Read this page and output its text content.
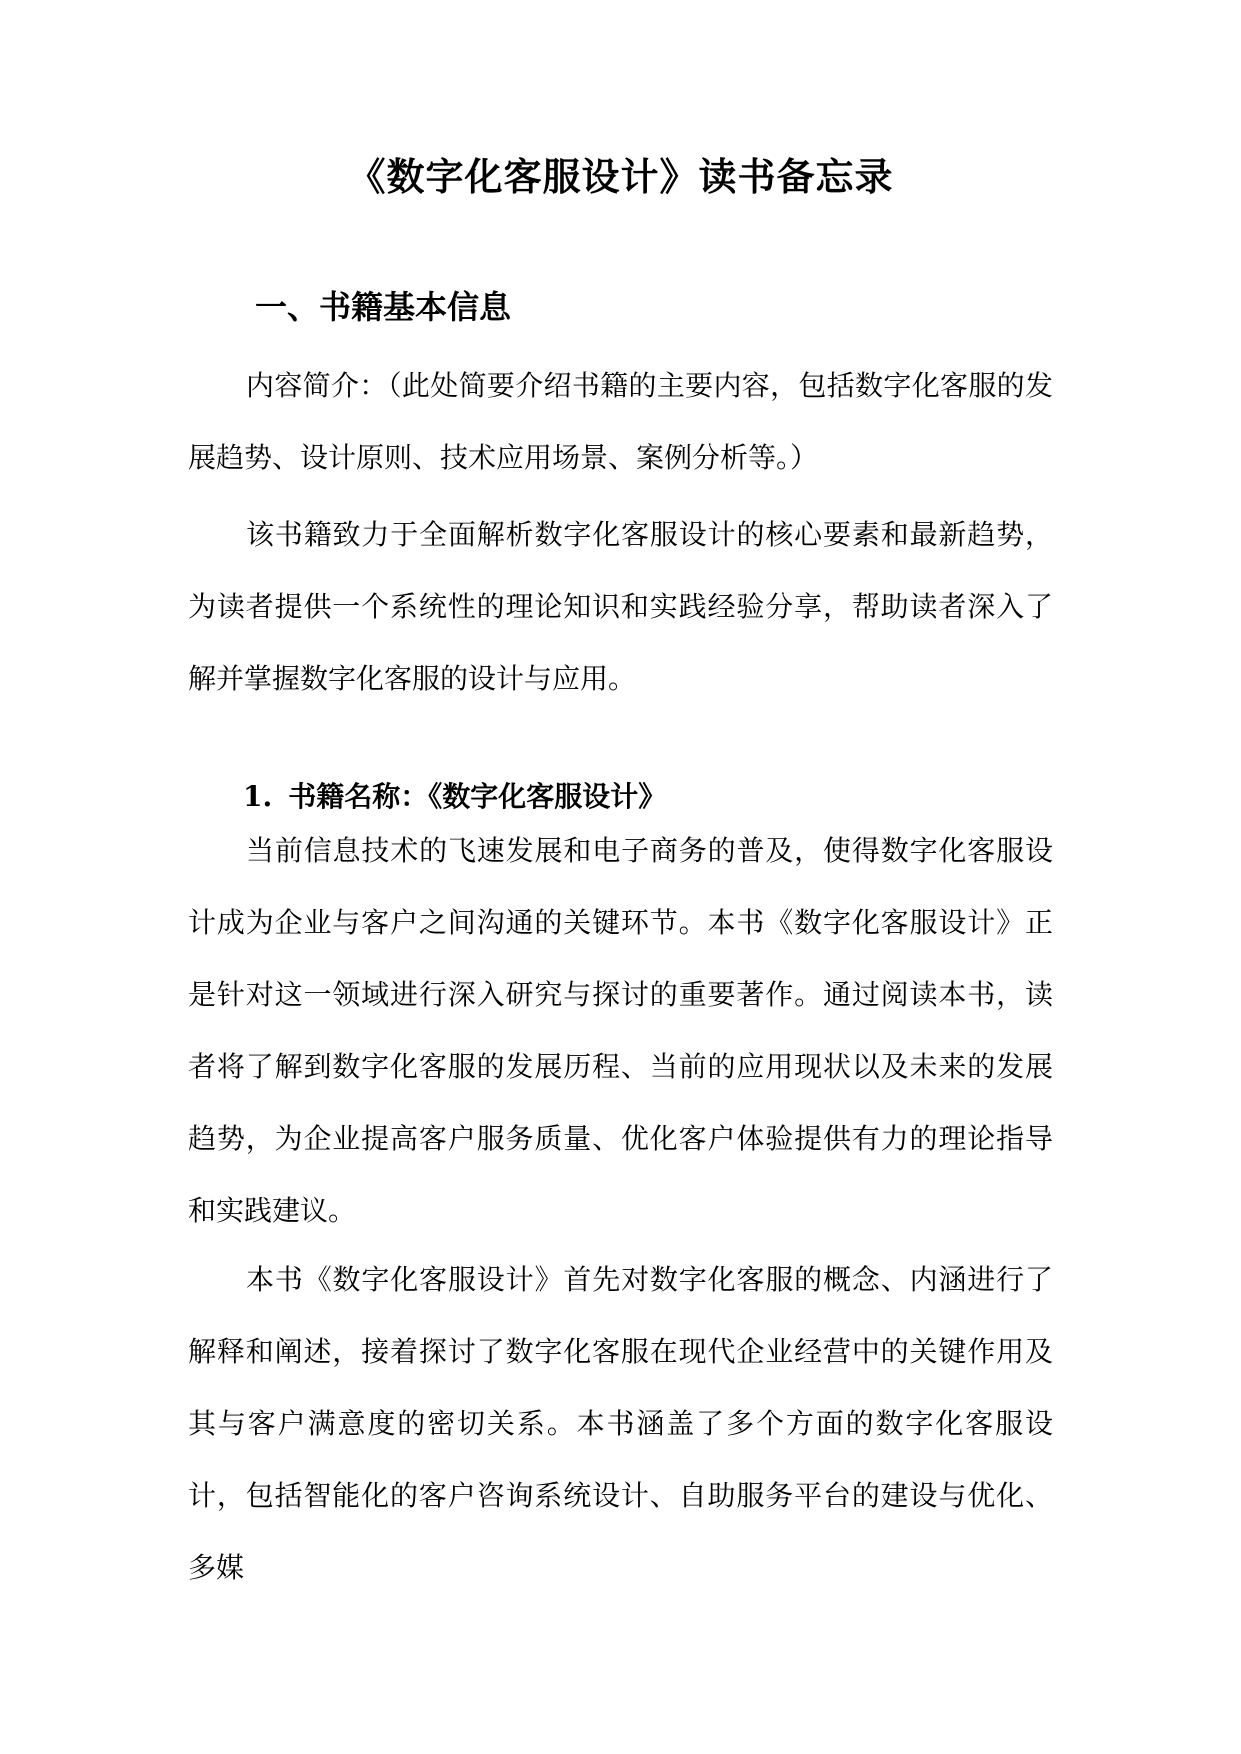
《数字化客服设计》读书备忘录
一、书籍基本信息

内容简介：（此处简要介绍书籍的主要内容，包括数字化客服的发展趋势、设计原则、技术应用场景、案例分析等。）

该书籍致力于全面解析数字化客服设计的核心要素和最新趋势，为读者提供一个系统性的理论知识和实践经验分享，帮助读者深入了解并掌握数字化客服的设计与应用。

1. 书籍名称：《数字化客服设计》

当前信息技术的飞速发展和电子商务的普及，使得数字化客服设计成为企业与客户之间沟通的关键环节。本书《数字化客服设计》正是针对这一领域进行深入研究与探讨的重要著作。通过阅读本书，读者将了解到数字化客服的发展历程、当前的应用现状以及未来的发展趋势，为企业提高客户服务质量、优化客户体验提供有力的理论指导和实践建议。

本书《数字化客服设计》首先对数字化客服的概念、内涵进行了解释和阐述，接着探讨了数字化客服在现代企业经营中的关键作用及其与客户满意度的密切关系。本书涵盖了多个方面的数字化客服设计，包括智能化的客户咨询系统设计、自助服务平台的建设与优化、多媒
